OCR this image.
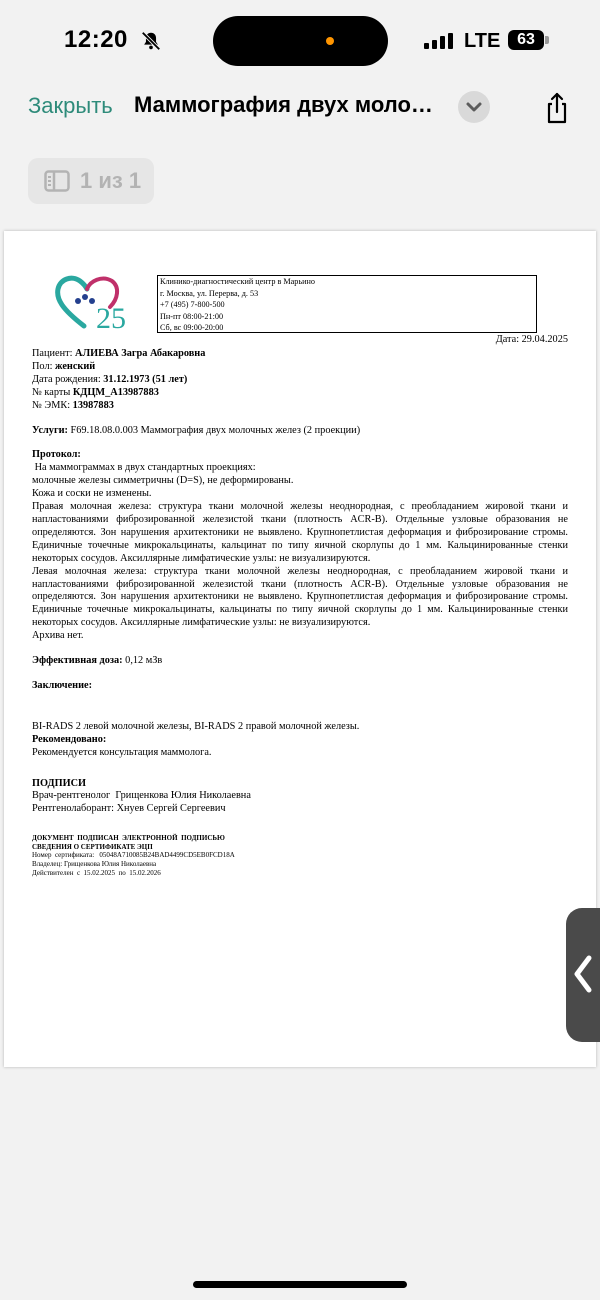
12:20	LTE	63
Закрыть Маммография двух моло…
1 из 1
25
Клинико-диагностический центр в Марьино
г. Москва, ул. Перерва, д. 53
+7 (495) 7-800-500
Пн-пт 08:00-21:00
Сб, вс 09:00-20:00
Дата: 29.04.2025

Пациент: АЛИЕВА Загра Абакаровна

Пол: женский

Дата рождения: 31.12.1973 (51 лет)

№ карты КДЦМ_А13987883

№ ЭМК: 13987883

Услуги: F69.18.08.0.003 Маммография двух молочных желез (2 проекции)

Протокол:

На маммограммах в двух стандартных проекциях:

молочные железы симметричны (D=S), не деформированы.

Кожа и соски не изменены.

Правая молочная железа: структура ткани молочной железы неоднородная, с преобладанием жировой ткани и напластованиями фиброзированной железистой ткани (плотность ACR-B). Отдельные узловые образования не определяются. Зон нарушения архитектоники не выявлено. Крупнопетлистая деформация и фиброзирование стромы. Единичные точечные микрокальцинаты, кальцинат по типу яичной скорлупы до 1 мм. Кальцинированные стенки некоторых сосудов. Аксиллярные лимфатические узлы: не визуализируются.

Левая молочная железа: структура ткани молочной железы неоднородная, с преобладанием жировой ткани и напластованиями фиброзированной железистой ткани (плотность ACR-B). Отдельные узловые образования не определяются. Зон нарушения архитектоники не выявлено. Крупнопетлистая деформация и фиброзирование стромы. Единичные точечные микрокальцинаты, кальцинаты по типу яичной скорлупы до 1 мм. Кальцинированные стенки некоторых сосудов. Аксиллярные лимфатические узлы: не визуализируются.

Архива нет.

Эффективная доза: 0,12 мЗв

Заключение:

BI-RADS 2 левой молочной железы, BI-RADS 2 правой молочной железы.

Рекомендовано:

Рекомендуется консультация маммолога.

ПОДПИСИ

Врач-рентгенолог  Грищенкова Юлия Николаевна

Рентгенолаборант: Хнуев Сергей Сергеевич

ДОКУМЕНТ  ПОДПИСАН  ЭЛЕКТРОННОЙ  ПОДПИСЬЮ

СВЕДЕНИЯ О СЕРТИФИКАТЕ ЭЦП

Номер  сертификата:   05048A710085B24BAD4499CD5EB0FCD18A

Владелец: Грищенкова Юлия Николаевна

Действителен  с  15.02.2025  по  15.02.2026
